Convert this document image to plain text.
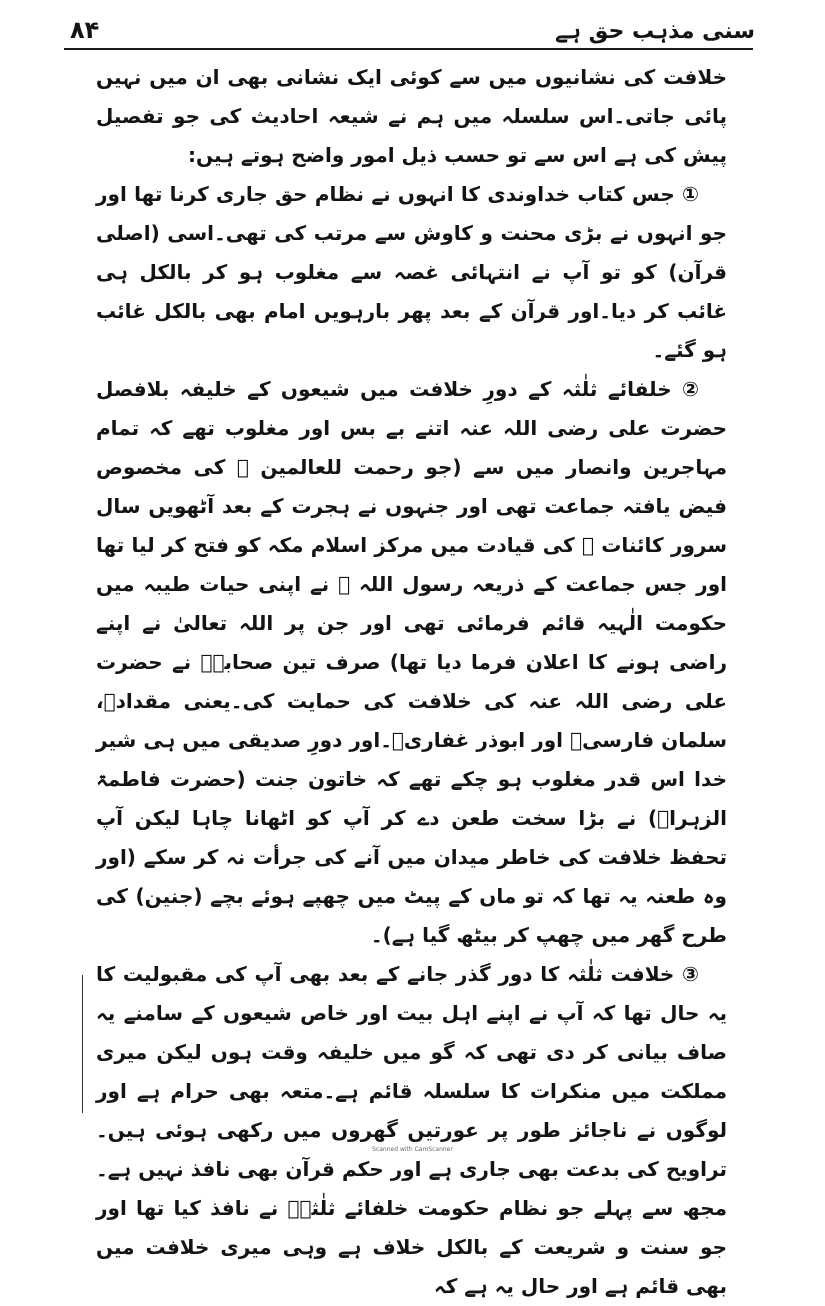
۸۴	سنی مذہب حق ہے

خلافت کی نشانیوں میں سے کوئی ایک نشانی بھی ان میں نہیں پائی جاتی۔اس سلسلہ میں ہم نے شیعہ احادیث کی جو تفصیل پیش کی ہے اس سے تو حسب ذیل امور واضح ہوتے ہیں:

① جس کتاب خداوندی کا انہوں نے نظام حق جاری کرنا تھا اور جو انہوں نے بڑی محنت و کاوش سے مرتب کی تھی۔اسی (اصلی قرآن) کو تو آپ نے انتہائی غصہ سے مغلوب ہو کر بالکل ہی غائب کر دیا۔اور قرآن کے بعد پھر بارہویں امام بھی بالکل غائب ہو گئے۔

② خلفائے ثلٰثہ کے دورِ خلافت میں شیعوں کے خلیفہ بلافصل حضرت علی رضی اللہ عنہ اتنے بے بس اور مغلوب تھے کہ تمام مہاجرین وانصار میں سے (جو رحمت للعالمین ﷺ کی مخصوص فیض یافتہ جماعت تھی اور جنہوں نے ہجرت کے بعد آٹھویں سال سرور کائنات ﷺ کی قیادت میں مرکز اسلام مکہ کو فتح کر لیا تھا اور جس جماعت کے ذریعہ رسول اللہ ﷺ نے اپنی حیات طیبہ میں حکومت الٰہیہ قائم فرمائی تھی اور جن پر اللہ تعالیٰ نے اپنے راضی ہونے کا اعلان فرما دیا تھا) صرف تین صحابہؓ نے حضرت علی رضی اللہ عنہ کی خلافت کی حمایت کی۔یعنی مقدادؓ، سلمان فارسیؓ اور ابوذر غفاریؓ۔اور دورِ صدیقی میں ہی شیر خدا اس قدر مغلوب ہو چکے تھے کہ خاتون جنت (حضرت فاطمۃ الزہراؓ) نے بڑا سخت طعن دے کر آپ کو اٹھانا چاہا لیکن آپ تحفظ خلافت کی خاطر میدان میں آنے کی جرأت نہ کر سکے (اور وہ طعنہ یہ تھا کہ تو ماں کے پیٹ میں چھپے ہوئے بچے (جنین) کی طرح گھر میں چھپ کر بیٹھ گیا ہے)۔

③ خلافت ثلٰثہ کا دور گذر جانے کے بعد بھی آپ کی مقبولیت کا یہ حال تھا کہ آپ نے اپنے اہل بیت اور خاص شیعوں کے سامنے یہ صاف بیانی کر دی تھی کہ گو میں خلیفہ وقت ہوں لیکن میری مملکت میں منکرات کا سلسلہ قائم ہے۔متعہ بھی حرام ہے اور لوگوں نے ناجائز طور پر عورتیں گھروں میں رکھی ہوئی ہیں۔تراویح کی بدعت بھی جاری ہے اور حکم قرآن بھی نافذ نہیں ہے۔مجھ سے پہلے جو نظام حکومت خلفائے ثلٰثہؓ نے نافذ کیا تھا اور جو سنت و شریعت کے بالکل خلاف ہے وہی میری خلافت میں بھی قائم ہے اور حال یہ ہے کہ

Scanned with CamScanner
